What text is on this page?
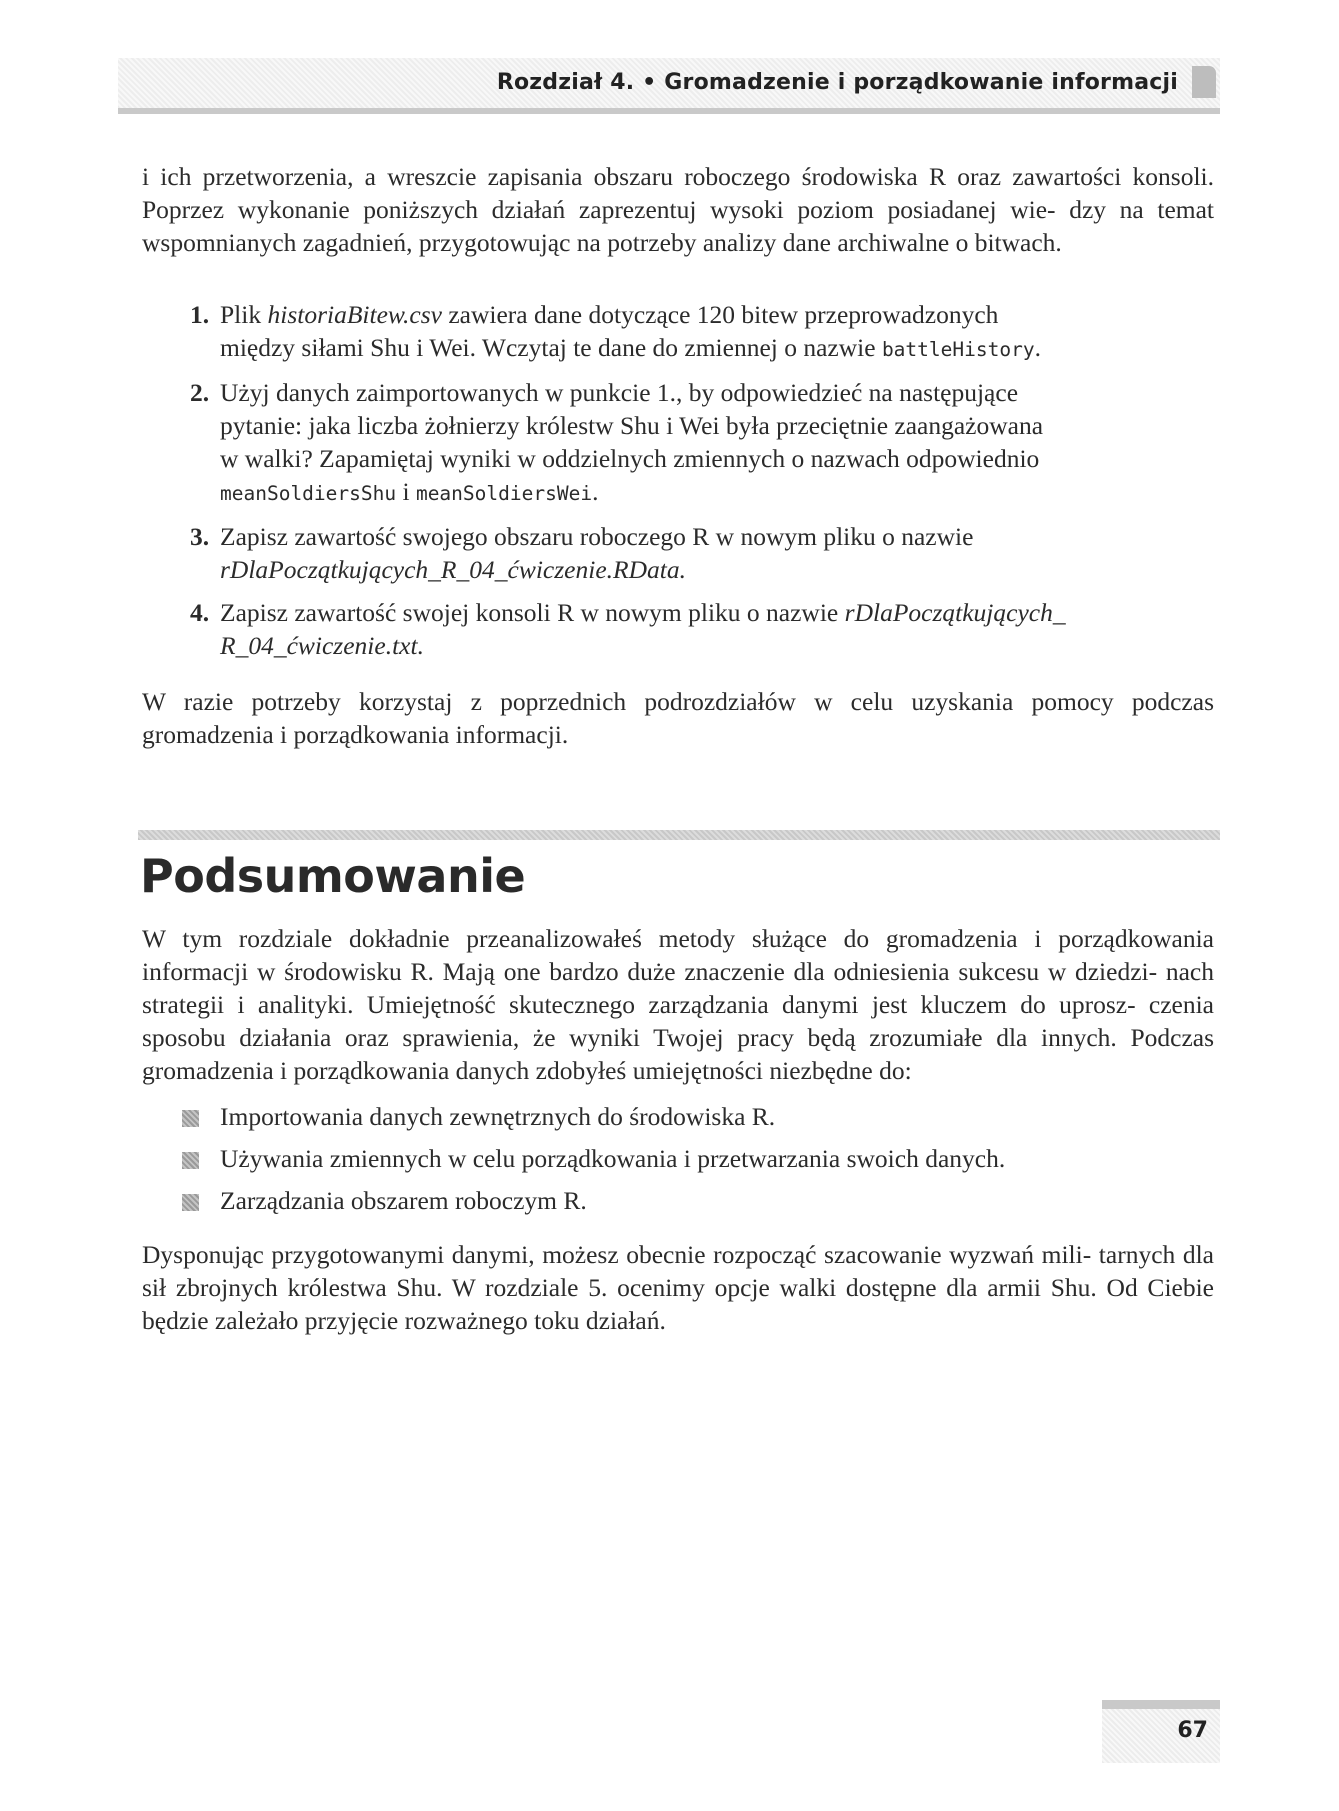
Rozdział 4. • Gromadzenie i porządkowanie informacji

i ich przetworzenia, a wreszcie zapisania obszaru roboczego środowiska R oraz zawartości konsoli. Poprzez wykonanie poniższych działań zaprezentuj wysoki poziom posiadanej wie- dzy na temat wspomnianych zagadnień, przygotowując na potrzeby analizy dane archiwalne o bitwach.

1. Plik historiaBitew.csv zawiera dane dotyczące 120 bitew przeprowadzonych
między siłami Shu i Wei. Wczytaj te dane do zmiennej o nazwie battleHistory.
2. Użyj danych zaimportowanych w punkcie 1., by odpowiedzieć na następujące
pytanie: jaka liczba żołnierzy królestw Shu i Wei była przeciętnie zaangażowana
w walki? Zapamiętaj wyniki w oddzielnych zmiennych o nazwach odpowiednio
meanSoldiersShu i meanSoldiersWei.
3. Zapisz zawartość swojego obszaru roboczego R w nowym pliku o nazwie
rDlaPoczątkujących_R_04_ćwiczenie.RData.
4. Zapisz zawartość swojej konsoli R w nowym pliku o nazwie rDlaPoczątkujących_
R_04_ćwiczenie.txt.

W razie potrzeby korzystaj z poprzednich podrozdziałów w celu uzyskania pomocy podczas gromadzenia i porządkowania informacji.

Podsumowanie

W tym rozdziale dokładnie przeanalizowałeś metody służące do gromadzenia i porządkowania informacji w środowisku R. Mają one bardzo duże znaczenie dla odniesienia sukcesu w dziedzi- nach strategii i analityki. Umiejętność skutecznego zarządzania danymi jest kluczem do uprosz- czenia sposobu działania oraz sprawienia, że wyniki Twojej pracy będą zrozumiałe dla innych. Podczas gromadzenia i porządkowania danych zdobyłeś umiejętności niezbędne do:

Importowania danych zewnętrznych do środowiska R.
Używania zmiennych w celu porządkowania i przetwarzania swoich danych.
Zarządzania obszarem roboczym R.

Dysponując przygotowanymi danymi, możesz obecnie rozpocząć szacowanie wyzwań mili- tarnych dla sił zbrojnych królestwa Shu. W rozdziale 5. ocenimy opcje walki dostępne dla armii Shu. Od Ciebie będzie zależało przyjęcie rozważnego toku działań.

67
